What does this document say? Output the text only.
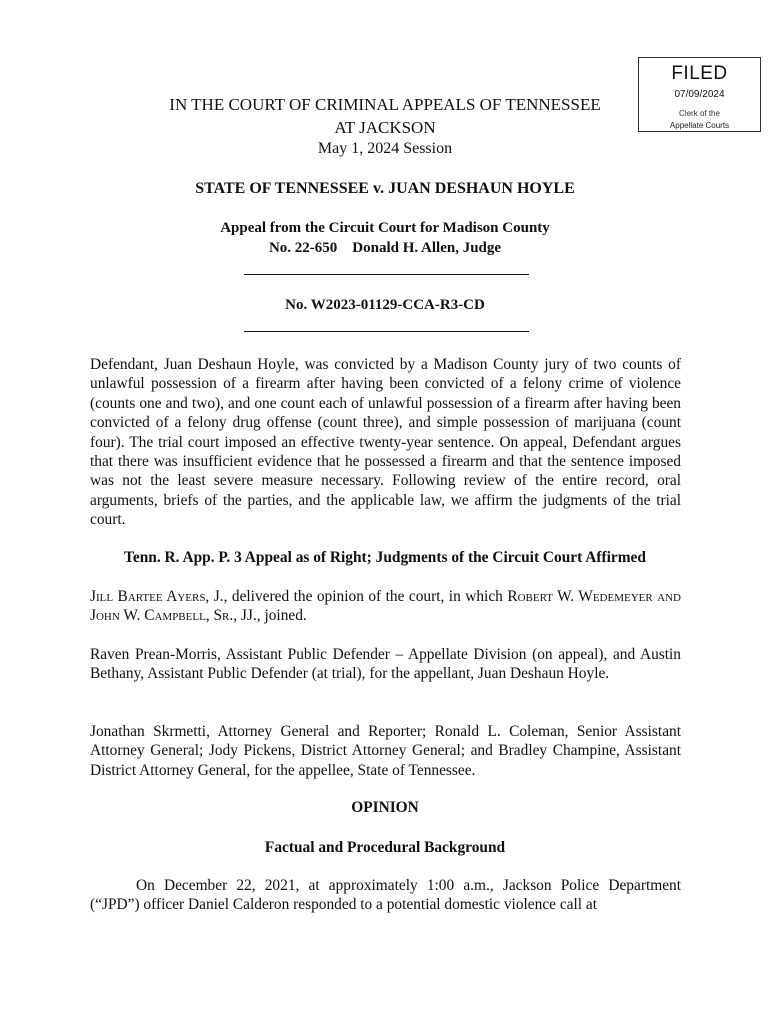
FILED
07/09/2024
Clerk of the
Appellate Courts
IN THE COURT OF CRIMINAL APPEALS OF TENNESSEE
AT JACKSON
May 1, 2024 Session
STATE OF TENNESSEE v. JUAN DESHAUN HOYLE
Appeal from the Circuit Court for Madison County
No. 22-650    Donald H. Allen, Judge
No. W2023-01129-CCA-R3-CD
Defendant, Juan Deshaun Hoyle, was convicted by a Madison County jury of two counts of unlawful possession of a firearm after having been convicted of a felony crime of violence (counts one and two), and one count each of unlawful possession of a firearm after having been convicted of a felony drug offense (count three), and simple possession of marijuana (count four). The trial court imposed an effective twenty-year sentence. On appeal, Defendant argues that there was insufficient evidence that he possessed a firearm and that the sentence imposed was not the least severe measure necessary. Following review of the entire record, oral arguments, briefs of the parties, and the applicable law, we affirm the judgments of the trial court.
Tenn. R. App. P. 3 Appeal as of Right; Judgments of the Circuit Court Affirmed
Jill Bartee Ayers, J., delivered the opinion of the court, in which Robert W. Wedemeyer and John W. Campbell, Sr., JJ., joined.
Raven Prean-Morris, Assistant Public Defender – Appellate Division (on appeal), and Austin Bethany, Assistant Public Defender (at trial), for the appellant, Juan Deshaun Hoyle.
Jonathan Skrmetti, Attorney General and Reporter; Ronald L. Coleman, Senior Assistant Attorney General; Jody Pickens, District Attorney General; and Bradley Champine, Assistant District Attorney General, for the appellee, State of Tennessee.
OPINION
Factual and Procedural Background
On December 22, 2021, at approximately 1:00 a.m., Jackson Police Department (“JPD”) officer Daniel Calderon responded to a potential domestic violence call at
